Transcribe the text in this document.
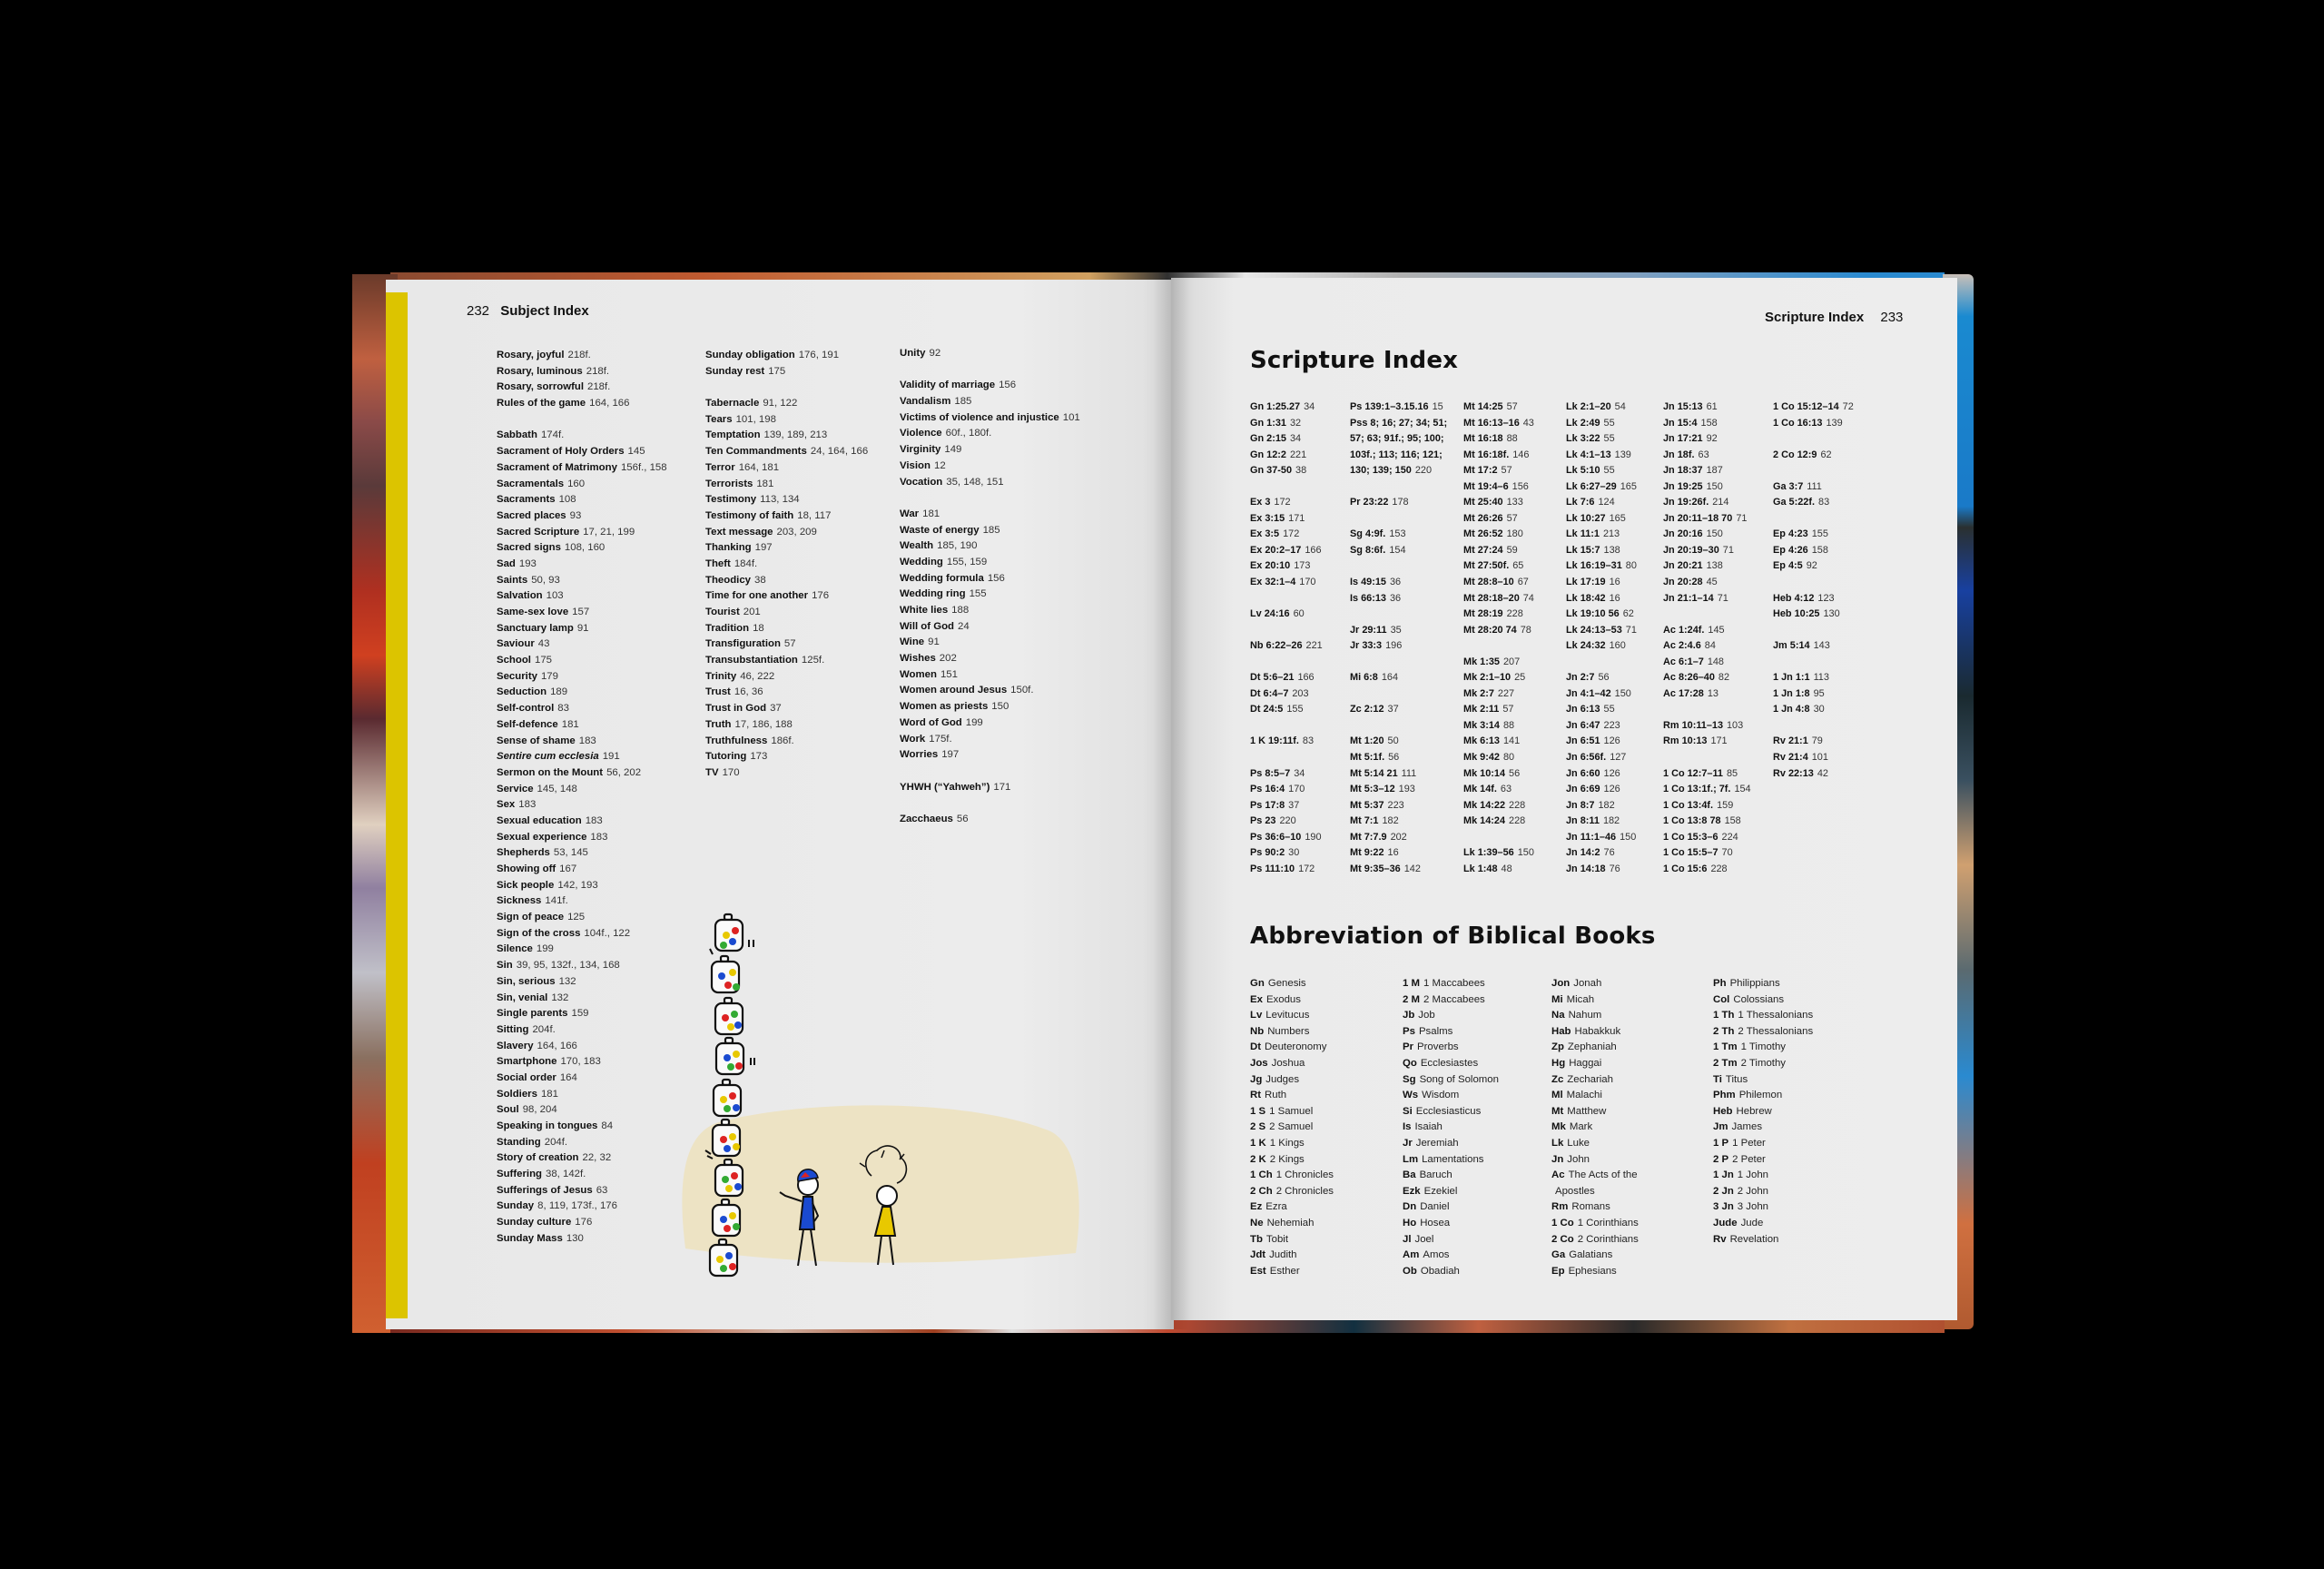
232 Subject Index
Rosary, joyful 218f.
Rosary, luminous 218f.
Rosary, sorrowful 218f.
Rules of the game 164, 166
Sabbath 174f.
Sacrament of Holy Orders 145
Sacrament of Matrimony 156f., 158
Sacramentals 160
Sacraments 108
Sacred places 93
Sacred Scripture 17, 21, 199
Sacred signs 108, 160
Sad 193
Saints 50, 93
Salvation 103
Same-sex love 157
Sanctuary lamp 91
Saviour 43
School 175
Security 179
Seduction 189
Self-control 83
Self-defence 181
Sense of shame 183
Sentire cum ecclesia 191
Sermon on the Mount 56, 202
Service 145, 148
Sex 183
Sexual education 183
Sexual experience 183
Shepherds 53, 145
Showing off 167
Sick people 142, 193
Sickness 141f.
Sign of peace 125
Sign of the cross 104f., 122
Silence 199
Sin 39, 95, 132f., 134, 168
Sin, serious 132
Sin, venial 132
Single parents 159
Sitting 204f.
Slavery 164, 166
Smartphone 170, 183
Social order 164
Soldiers 181
Soul 98, 204
Speaking in tongues 84
Standing 204f.
Story of creation 22, 32
Suffering 38, 142f.
Sufferings of Jesus 63
Sunday 8, 119, 173f., 176
Sunday culture 176
Sunday Mass 130
Sunday obligation 176, 191
Sunday rest 175
Tabernacle 91, 122
Tears 101, 198
Temptation 139, 189, 213
Ten Commandments 24, 164, 166
Terror 164, 181
Terrorists 181
Testimony 113, 134
Testimony of faith 18, 117
Text message 203, 209
Thanking 197
Theft 184f.
Theodicy 38
Time for one another 176
Tourist 201
Tradition 18
Transfiguration 57
Transubstantiation 125f.
Trinity 46, 222
Trust 16, 36
Trust in God 37
Truth 17, 186, 188
Truthfulness 186f.
Tutoring 173
TV 170
Unity 92
Validity of marriage 156
Vandalism 185
Victims of violence and injustice 101
Violence 60f., 180f.
Virginity 149
Vision 12
Vocation 35, 148, 151
War 181
Waste of energy 185
Wealth 185, 190
Wedding 155, 159
Wedding formula 156
Wedding ring 155
White lies 188
Will of God 24
Wine 91
Wishes 202
Women 151
Women around Jesus 150f.
Women as priests 150
Word of God 199
Work 175f.
Worries 197
YHWH (“Yahweh”) 171
Zacchaeus 56
Scripture Index 233
Scripture Index
Gn 1:25.27 34
Gn 1:31 32
Gn 2:15 34
Gn 12:2 221
Gn 37-50 38
Ex 3 172
Ex 3:15 171
Ex 3:5 172
Ex 20:2–17 166
Ex 20:10 173
Ex 32:1–4 170
Lv 24:16 60
Nb 6:22–26 221
Dt 5:6–21 166
Dt 6:4–7 203
Dt 24:5 155
1 K 19:11f. 83
Ps 8:5–7 34
Ps 16:4 170
Ps 17:8 37
Ps 23 220
Ps 36:6–10 190
Ps 90:2 30
Ps 111:10 172
Ps 139:1–3.15.16 15
Pss 8; 16; 27; 34; 51;
57; 63; 91f.; 95; 100;
103f.; 113; 116; 121;
130; 139; 150 220
Pr 23:22 178
Sg 4:9f. 153
Sg 8:6f. 154
Is 49:15 36
Is 66:13 36
Jr 29:11 35
Jr 33:3 196
Mi 6:8 164
Zc 2:12 37
Mt 1:20 50
Mt 5:1f. 56
Mt 5:14 21 111
Mt 5:3–12 193
Mt 5:37 223
Mt 7:1 182
Mt 7:7.9 202
Mt 9:22 16
Mt 9:35–36 142
Mt 14:25 57
Mt 16:13–16 43
Mt 16:18 88
Mt 16:18f. 146
Mt 17:2 57
Mt 19:4–6 156
Mt 25:40 133
Mt 26:26 57
Mt 26:52 180
Mt 27:24 59
Mt 27:50f. 65
Mt 28:8–10 67
Mt 28:18–20 74
Mt 28:19 228
Mt 28:20 74 78
Mk 1:35 207
Mk 2:1–10 25
Mk 2:7 227
Mk 2:11 57
Mk 3:14 88
Mk 6:13 141
Mk 9:42 80
Mk 10:14 56
Mk 14f. 63
Mk 14:22 228
Mk 14:24 228
Lk 1:39–56 150
Lk 1:48 48
Lk 2:1–20 54
Lk 2:49 55
Lk 3:22 55
Lk 4:1–13 139
Lk 5:10 55
Lk 6:27–29 165
Lk 7:6 124
Lk 10:27 165
Lk 11:1 213
Lk 15:7 138
Lk 16:19–31 80
Lk 17:19 16
Lk 18:42 16
Lk 19:10 56 62
Lk 24:13–53 71
Lk 24:32 160
Jn 2:7 56
Jn 4:1–42 150
Jn 6:13 55
Jn 6:47 223
Jn 6:51 126
Jn 6:56f. 127
Jn 6:60 126
Jn 6:69 126
Jn 8:7 182
Jn 8:11 182
Jn 11:1–46 150
Jn 14:2 76
Jn 14:18 76
Jn 15:13 61
Jn 15:4 158
Jn 17:21 92
Jn 18f. 63
Jn 18:37 187
Jn 19:25 150
Jn 19:26f. 214
Jn 20:11–18 70 71
Jn 20:16 150
Jn 20:19–30 71
Jn 20:21 138
Jn 20:28 45
Jn 21:1–14 71
Ac 1:24f. 145
Ac 2:4.6 84
Ac 6:1–7 148
Ac 8:26–40 82
Ac 17:28 13
Rm 10:11–13 103
Rm 10:13 171
1 Co 12:7–11 85
1 Co 13:1f.; 7f. 154
1 Co 13:4f. 159
1 Co 13:8 78 158
1 Co 15:3–6 224
1 Co 15:5–7 70
1 Co 15:6 228
1 Co 15:12–14 72
1 Co 16:13 139
2 Co 12:9 62
Ga 3:7 111
Ga 5:22f. 83
Ep 4:23 155
Ep 4:26 158
Ep 4:5 92
Heb 4:12 123
Heb 10:25 130
Jm 5:14 143
1 Jn 1:1 113
1 Jn 1:8 95
1 Jn 4:8 30
Rv 21:1 79
Rv 21:4 101
Rv 22:13 42
Abbreviation of Biblical Books
Gn Genesis
Ex Exodus
Lv Levitucus
Nb Numbers
Dt Deuteronomy
Jos Joshua
Jg Judges
Rt Ruth
1 S 1 Samuel
2 S 2 Samuel
1 K 1 Kings
2 K 2 Kings
1 Ch 1 Chronicles
2 Ch 2 Chronicles
Ez Ezra
Ne Nehemiah
Tb Tobit
Jdt Judith
Est Esther
1 M 1 Maccabees
2 M 2 Maccabees
Jb Job
Ps Psalms
Pr Proverbs
Qo Ecclesiastes
Sg Song of Solomon
Ws Wisdom
Si Ecclesiasticus
Is Isaiah
Jr Jeremiah
Lm Lamentations
Ba Baruch
Ezk Ezekiel
Dn Daniel
Ho Hosea
Jl Joel
Am Amos
Ob Obadiah
Jon Jonah
Mi Micah
Na Nahum
Hab Habakkuk
Zp Zephaniah
Hg Haggai
Zc Zechariah
Ml Malachi
Mt Matthew
Mk Mark
Lk Luke
Jn John
Ac The Acts of the
Apostles
Rm Romans
1 Co 1 Corinthians
2 Co 2 Corinthians
Ga Galatians
Ep Ephesians
Ph Philippians
Col Colossians
1 Th 1 Thessalonians
2 Th 2 Thessalonians
1 Tm 1 Timothy
2 Tm 2 Timothy
Ti Titus
Phm Philemon
Heb Hebrew
Jm James
1 P 1 Peter
2 P 2 Peter
1 Jn 1 John
2 Jn 2 John
3 Jn 3 John
Jude Jude
Rv Revelation
